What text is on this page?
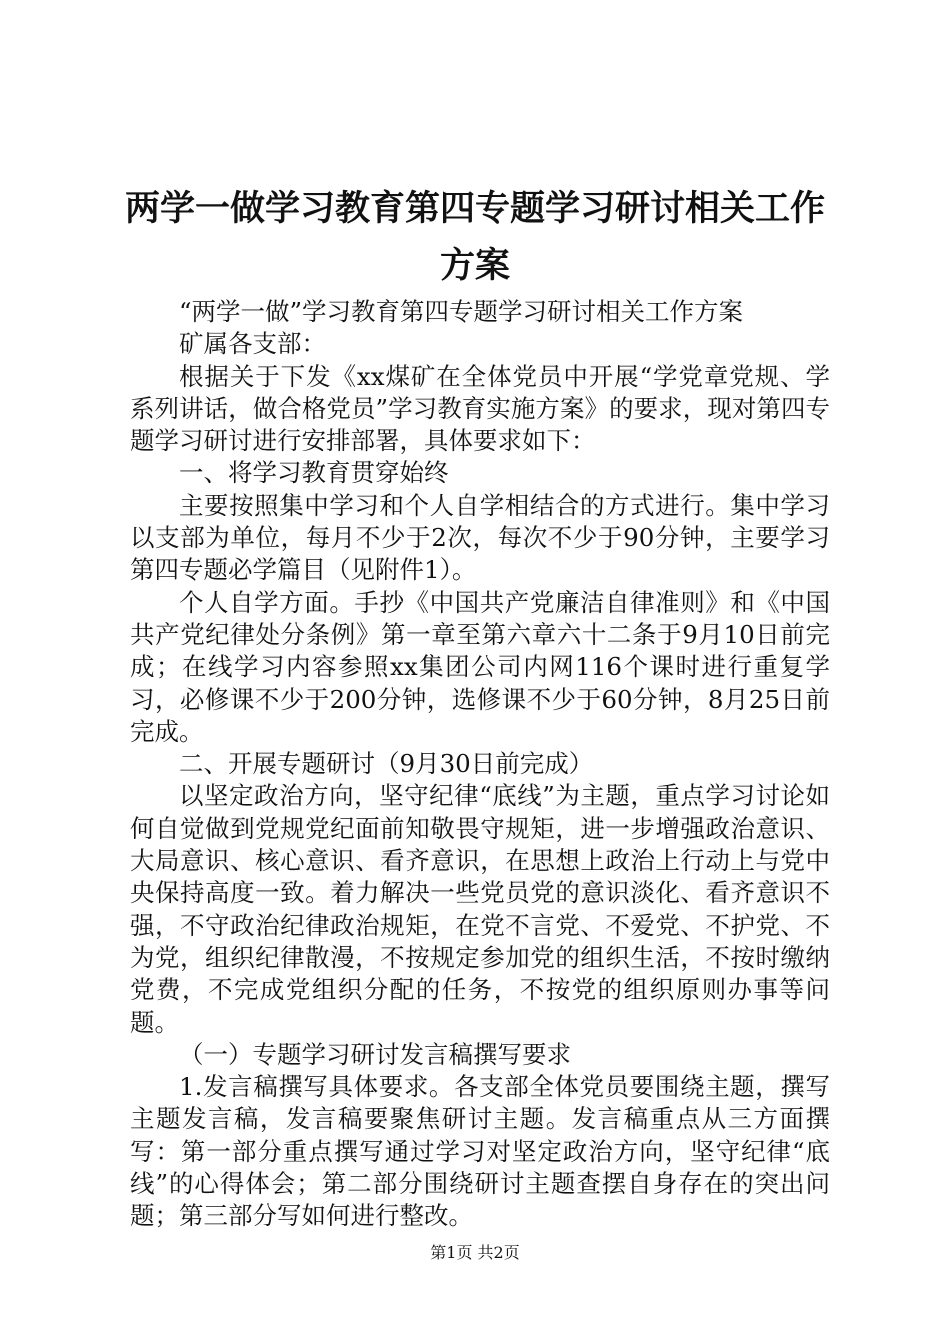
两学一做学习教育第四专题学习研讨相关工作
方案

“两学一做”学习教育第四专题学习研讨相关工作方案

矿属各支部：

根据关于下发《xx煤矿在全体党员中开展“学党章党规、学系列讲话，做合格党员”学习教育实施方案》的要求，现对第四专题学习研讨进行安排部署，具体要求如下：

一、将学习教育贯穿始终

主要按照集中学习和个人自学相结合的方式进行。集中学习以支部为单位，每月不少于2次，每次不少于90分钟，主要学习第四专题必学篇目（见附件1）。

个人自学方面。手抄《中国共产党廉洁自律准则》和《中国共产党纪律处分条例》第一章至第六章六十二条于9月10日前完成；在线学习内容参照xx集团公司内网116个课时进行重复学习，必修课不少于200分钟，选修课不少于60分钟，8月25日前完成。

二、开展专题研讨（9月30日前完成）

以坚定政治方向，坚守纪律“底线”为主题，重点学习讨论如何自觉做到党规党纪面前知敬畏守规矩，进一步增强政治意识、大局意识、核心意识、看齐意识，在思想上政治上行动上与党中央保持高度一致。着力解决一些党员党的意识淡化、看齐意识不强，不守政治纪律政治规矩，在党不言党、不爱党、不护党、不为党，组织纪律散漫，不按规定参加党的组织生活，不按时缴纳党费，不完成党组织分配的任务，不按党的组织原则办事等问题。

（一）专题学习研讨发言稿撰写要求

1.发言稿撰写具体要求。各支部全体党员要围绕主题，撰写主题发言稿，发言稿要聚焦研讨主题。发言稿重点从三方面撰写：第一部分重点撰写通过学习对坚定政治方向，坚守纪律“底线”的心得体会；第二部分围绕研讨主题查摆自身存在的突出问题；第三部分写如何进行整改。

第1页 共2页
